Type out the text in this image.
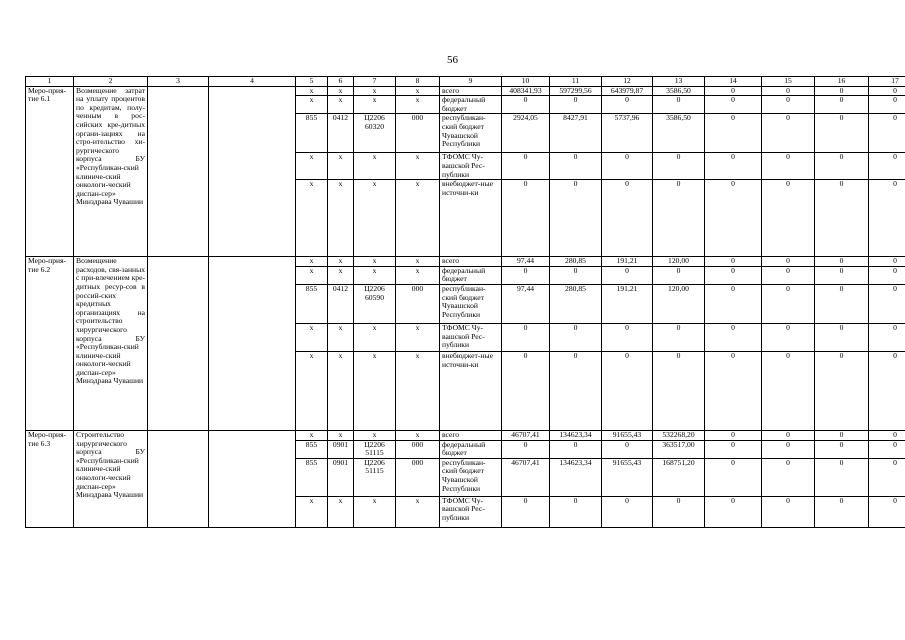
56
1	2	3	4	5	6	7	8	9	10	11	12	13	14	15	16	17
Меро-прия-тие 6.1	Возмещение затрат на уплату процентов по кредитам, полу-ченным в рос-сийских кре-дитных органи-зациях на стро-ительство хи-рургического корпуса БУ «Республикан-ский клиниче-ский онкологи-ческий диспан-сер» Минздрава Чувашии			х	х	х	х	всего	408341,93	597299,56	643979,87	3586,50	0	0	0	0
				х	х	х	х	федеральный бюджет	0	0	0	0	0	0	0	0
				855	0412	Ц2206 60320	000	республикан-ский бюджет Чувашской Республики	2924,05	8427,91	5737,96	3586,50	0	0	0	0
				х	х	х	х	ТФОМС Чу-вашской Рес-публики	0	0	0	0	0	0	0	0
				х	х	х	х	внебюджет-ные источни-ки	0	0	0	0	0	0	0	0
Меро-прия-тие 6.2	Возмещение расходов, свя-занных с при-влечением кре-дитных ресур-сов в россий-ских кредитных организациях на строительство хирургического корпуса БУ «Республикан-ский клиниче-ский онкологи-ческий диспан-сер» Минздрава Чувашии			х	х	х	х	всего	97,44	280,85	191,21	120,00	0	0	0	0
				х	х	х	х	федеральный бюджет	0	0	0	0	0	0	0	0
				855	0412	Ц2206 60590	000	республикан-ский бюджет Чувашской Республики	97,44	280,85	191,21	120,00	0	0	0	0
				х	х	х	х	ТФОМС Чу-вашской Рес-публики	0	0	0	0	0	0	0	0
				х	х	х	х	внебюджет-ные источни-ки	0	0	0	0	0	0	0	0
Меро-прия-тие 6.3	Строительство хирургического корпуса БУ «Республикан-ский клиниче-ский онкологи-ческий диспан-сер» Минздрава Чувашии			х	х	х	х	всего	46707,41	134623,34	91655,43	532268,20	0	0	0	0
				855	0901	Ц2206 51115	000	федеральный бюджет	0	0	0	363517,00	0	0	0	0
				855	0901	Ц2206 51115	000	республикан-ский бюджет Чувашской Республики	46707,41	134623,34	91655,43	168751,20	0	0	0	0
				х	х	х	х	ТФОМС Чу-вашской Рес-публики	0	0	0	0	0	0	0	0
